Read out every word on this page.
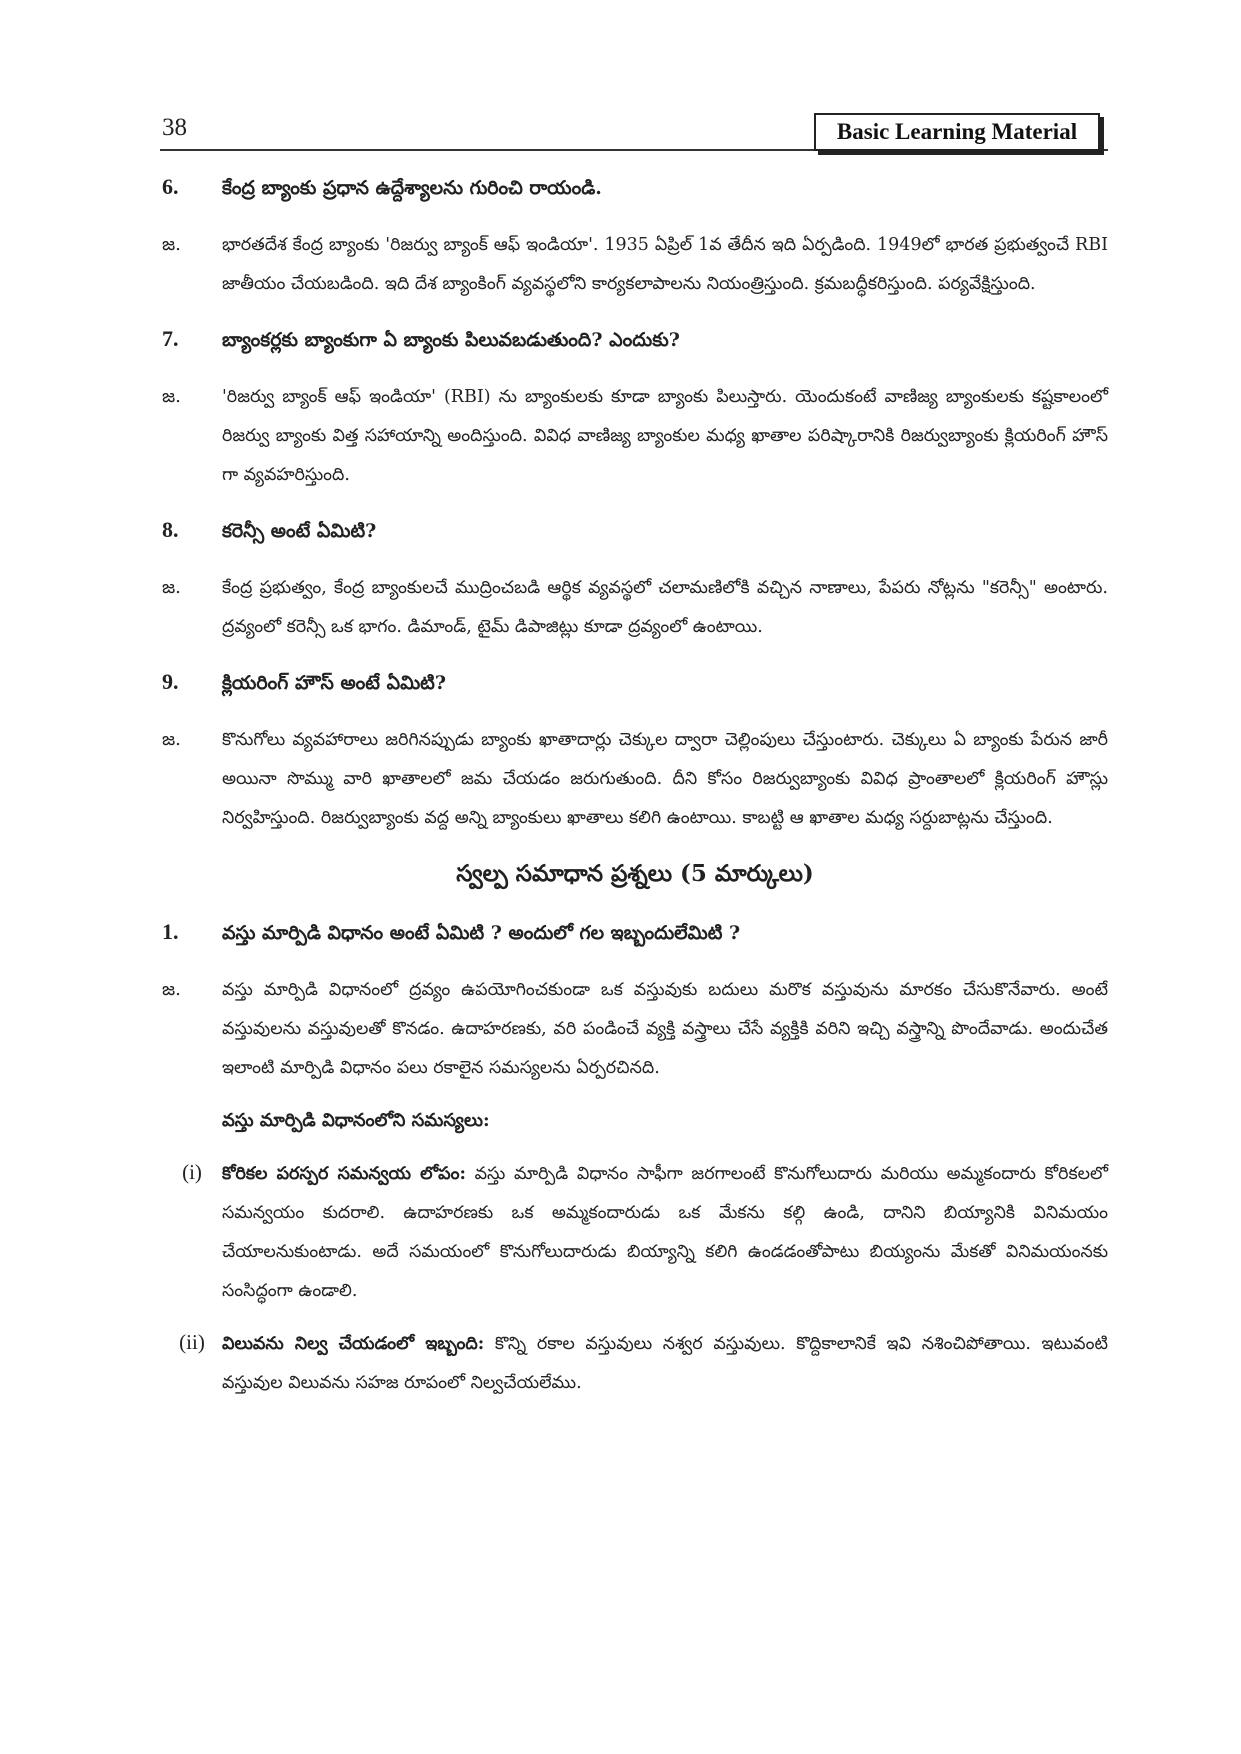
38	Basic Learning Material
6.	కేంద్ర బ్యాంకు ప్రధాన ఉద్దేశ్యాలను గురించి రాయండి.
జ.	భారతదేశ కేంద్ర బ్యాంకు 'రిజర్వు బ్యాంక్ ఆఫ్ ఇండియా'. 1935 ఏప్రిల్ 1వ తేదీన ఇది ఏర్పడింది. 1949లో భారత ప్రభుత్వంచే RBI జాతీయం చేయబడింది. ఇది దేశ బ్యాంకింగ్ వ్యవస్థలోని కార్యకలాపాలను నియంత్రిస్తుంది. క్రమబద్ధీకరిస్తుంది. పర్యవేక్షిస్తుంది.
7.	బ్యాంకర్లకు బ్యాంకుగా ఏ బ్యాంకు పిలువబడుతుంది? ఎందుకు?
జ.	'రిజర్వు బ్యాంక్ ఆఫ్ ఇండియా' (RBI) ను బ్యాంకులకు కూడా బ్యాంకు పిలుస్తారు. యెందుకంటే వాణిజ్య బ్యాంకులకు కష్టకాలంలో రిజర్వు బ్యాంకు విత్త సహాయాన్ని అందిస్తుంది. వివిధ వాణిజ్య బ్యాంకుల మధ్య ఖాతాల పరిష్కారానికి రిజర్వుబ్యాంకు క్లియరింగ్ హౌస్ గా వ్యవహరిస్తుంది.
8.	కరెన్సీ అంటే ఏమిటి?
జ.	కేంద్ర ప్రభుత్వం, కేంద్ర బ్యాంకులచే ముద్రించబడి ఆర్థిక వ్యవస్థలో చలామణిలోకి వచ్చిన నాణాలు, పేపరు నోట్లను "కరెన్సీ" అంటారు. ద్రవ్యంలో కరెన్సీ ఒక భాగం. డిమాండ్, టైమ్ డిపాజిట్లు కూడా ద్రవ్యంలో ఉంటాయి.
9.	క్లియరింగ్ హౌస్ అంటే ఏమిటి?
జ.	కొనుగోలు వ్యవహారాలు జరిగినప్పుడు బ్యాంకు ఖాతాదార్లు చెక్కుల ద్వారా చెల్లింపులు చేస్తుంటారు. చెక్కులు ఏ బ్యాంకు పేరున జారీ అయినా సొమ్ము వారి ఖాతాలలో జమ చేయడం జరుగుతుంది. దీని కోసం రిజర్వుబ్యాంకు వివిధ ప్రాంతాలలో క్లియరింగ్ హౌస్లు నిర్వహిస్తుంది. రిజర్వుబ్యాంకు వద్ద అన్ని బ్యాంకులు ఖాతాలు కలిగి ఉంటాయి. కాబట్టి ఆ ఖాతాల మధ్య సర్దుబాట్లను చేస్తుంది.
స్వల్ప సమాధాన ప్రశ్నలు (5 మార్కులు)
1.	వస్తు మార్పిడి విధానం అంటే ఏమిటి ? అందులో గల ఇబ్బందులేమిటి ?
జ.	వస్తు మార్పిడి విధానంలో ద్రవ్యం ఉపయోగించకుండా ఒక వస్తువుకు బదులు మరొక వస్తువును మారకం చేసుకొనేవారు. అంటే వస్తువులను వస్తువులతో కొనడం. ఉదాహరణకు, వరి పండించే వ్యక్తి వస్త్రాలు చేసే వ్యక్తికి వరిని ఇచ్చి వస్త్రాన్ని పొందేవాడు. అందుచేత ఇలాంటి మార్పిడి విధానం పలు రకాలైన సమస్యలను ఏర్పరచినది.
వస్తు మార్పిడి విధానంలోని సమస్యలు:
(i)	కోరికల పరస్పర సమన్వయ లోపం: వస్తు మార్పిడి విధానం సాఫీగా జరగాలంటే కొనుగోలుదారు మరియు అమ్మకందారు కోరికలలో సమన్వయం కుదరాలి. ఉదాహరణకు ఒక అమ్మకందారుడు ఒక మేకను కల్గి ఉండి, దానిని బియ్యానికి వినిమయం చేయాలనుకుంటాడు. అదే సమయంలో కొనుగోలుదారుడు బియ్యాన్ని కలిగి ఉండడంతోపాటు బియ్యంను మేకతో వినిమయంనకు సంసిద్ధంగా ఉండాలి.
(ii) విలువను నిల్వ చేయడంలో ఇబ్బంది: కొన్ని రకాల వస్తువులు నశ్వర వస్తువులు. కొద్దికాలానికే ఇవి నశించిపోతాయి. ఇటువంటి వస్తువుల విలువను సహజ రూపంలో నిల్వచేయలేము.
